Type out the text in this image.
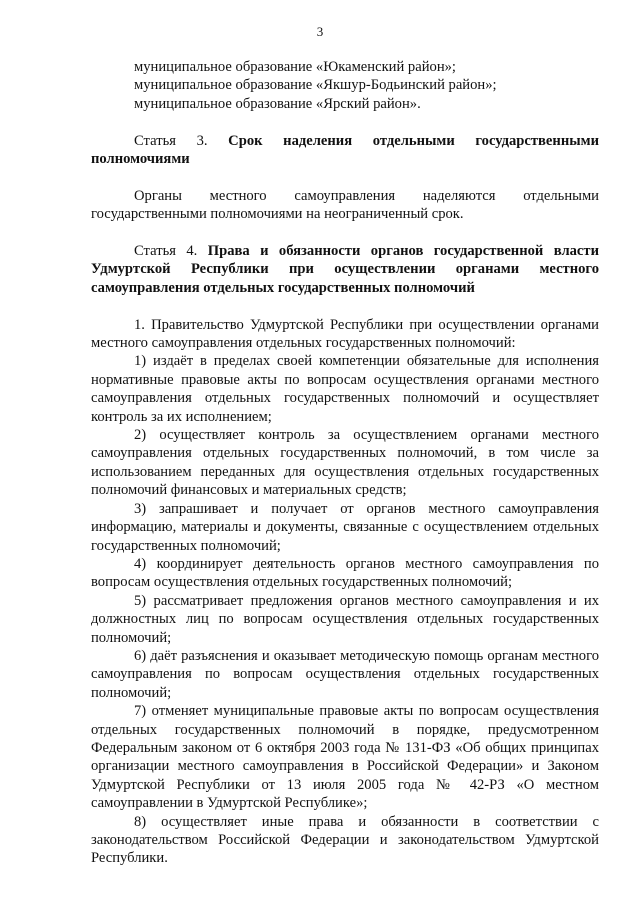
3

муниципальное образование «Юкаменский район»;

муниципальное образование «Якшур-Бодьинский район»;

муниципальное образование «Ярский район».

Статья 3. Срок наделения отдельными государственными полномочиями

Органы местного самоуправления наделяются отдельными государственными полномочиями на неограниченный срок.

Статья 4. Права и обязанности органов государственной власти Удмуртской Республики при осуществлении органами местного самоуправления отдельных государственных полномочий

1. Правительство Удмуртской Республики при осуществлении органами местного самоуправления отдельных государственных полномочий:

1) издаёт в пределах своей компетенции обязательные для исполнения нормативные правовые акты по вопросам осуществления органами местного самоуправления отдельных государственных полномочий и осуществляет контроль за их исполнением;

2) осуществляет контроль за осуществлением органами местного самоуправления отдельных государственных полномочий, в том числе за использованием переданных для осуществления отдельных государственных полномочий финансовых и материальных средств;

3) запрашивает и получает от органов местного самоуправления информацию, материалы и документы, связанные с осуществлением отдельных государственных полномочий;

4) координирует деятельность органов местного самоуправления по вопросам осуществления отдельных государственных полномочий;

5) рассматривает предложения органов местного самоуправления и их должностных лиц по вопросам осуществления отдельных государственных полномочий;

6) даёт разъяснения и оказывает методическую помощь органам местного самоуправления по вопросам осуществления отдельных государственных полномочий;

7) отменяет муниципальные правовые акты по вопросам осуществления отдельных государственных полномочий в порядке, предусмотренном Федеральным законом от 6 октября 2003 года № 131-ФЗ «Об общих принципах организации местного самоуправления в Российской Федерации» и Законом Удмуртской Республики от 13 июля 2005 года № 42-РЗ «О местном самоуправлении в Удмуртской Республике»;

8) осуществляет иные права и обязанности в соответствии с законодательством Российской Федерации и законодательством Удмуртской Республики.
